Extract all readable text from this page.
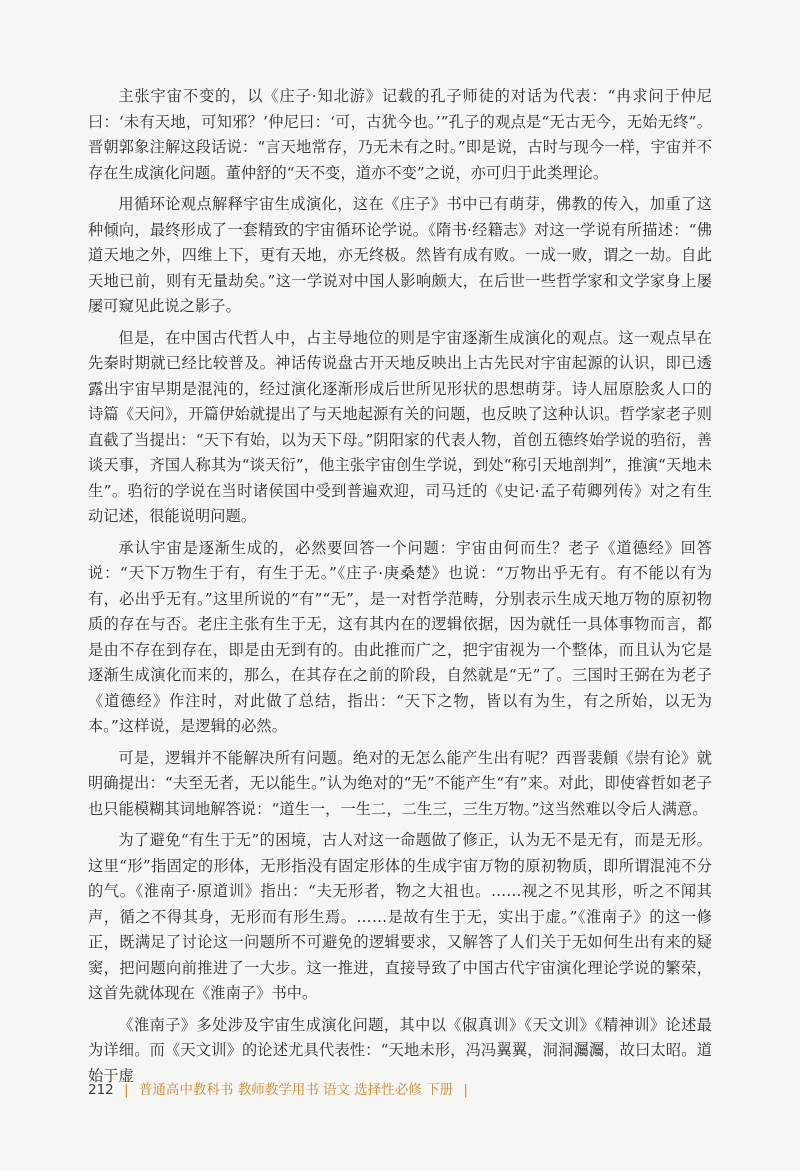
主张宇宙不变的，以《庄子·知北游》记载的孔子师徒的对话为代表：“冉求问于仲尼曰：‘未有天地，可知邪？’仲尼曰：‘可，古犹今也。’”孔子的观点是“无古无今，无始无终”。晋朝郭象注解这段话说：“言天地常存，乃无未有之时。”即是说，古时与现今一样，宇宙并不存在生成演化问题。董仲舒的“天不变，道亦不变”之说，亦可归于此类理论。

用循环论观点解释宇宙生成演化，这在《庄子》书中已有萌芽，佛教的传入，加重了这种倾向，最终形成了一套精致的宇宙循环论学说。《隋书·经籍志》对这一学说有所描述：“佛道天地之外，四维上下，更有天地，亦无终极。然皆有成有败。一成一败，谓之一劫。自此天地已前，则有无量劫矣。”这一学说对中国人影响颇大，在后世一些哲学家和文学家身上屡屡可窥见此说之影子。

但是，在中国古代哲人中，占主导地位的则是宇宙逐渐生成演化的观点。这一观点早在先秦时期就已经比较普及。神话传说盘古开天地反映出上古先民对宇宙起源的认识，即已透露出宇宙早期是混沌的，经过演化逐渐形成后世所见形状的思想萌芽。诗人屈原脍炙人口的诗篇《天问》，开篇伊始就提出了与天地起源有关的问题，也反映了这种认识。哲学家老子则直截了当提出：“天下有始，以为天下母。”阴阳家的代表人物，首创五德终始学说的驺衍，善谈天事，齐国人称其为“谈天衍”，他主张宇宙创生学说，到处“称引天地剖判”，推演“天地未生”。驺衍的学说在当时诸侯国中受到普遍欢迎，司马迁的《史记·孟子荀卿列传》对之有生动记述，很能说明问题。

承认宇宙是逐渐生成的，必然要回答一个问题：宇宙由何而生？老子《道德经》回答说：“天下万物生于有，有生于无。”《庄子·庚桑楚》也说：“万物出乎无有。有不能以有为有，必出乎无有。”这里所说的“有”“无”，是一对哲学范畴，分别表示生成天地万物的原初物质的存在与否。老庄主张有生于无，这有其内在的逻辑依据，因为就任一具体事物而言，都是由不存在到存在，即是由无到有的。由此推而广之，把宇宙视为一个整体，而且认为它是逐渐生成演化而来的，那么，在其存在之前的阶段，自然就是“无”了。三国时王弼在为老子《道德经》作注时，对此做了总结，指出：“天下之物，皆以有为生，有之所始，以无为本。”这样说，是逻辑的必然。

可是，逻辑并不能解决所有问题。绝对的无怎么能产生出有呢？西晋裴頠《崇有论》就明确提出：“夫至无者，无以能生。”认为绝对的“无”不能产生“有”来。对此，即使睿哲如老子也只能模糊其词地解答说：“道生一，一生二，二生三，三生万物。”这当然难以令后人满意。

为了避免“有生于无”的困境，古人对这一命题做了修正，认为无不是无有，而是无形。这里“形”指固定的形体，无形指没有固定形体的生成宇宙万物的原初物质，即所谓混沌不分的气。《淮南子·原道训》指出：“夫无形者，物之大祖也。……视之不见其形，听之不闻其声，循之不得其身，无形而有形生焉。……是故有生于无，实出于虚。”《淮南子》的这一修正，既满足了讨论这一问题所不可避免的逻辑要求，又解答了人们关于无如何生出有来的疑窦，把问题向前推进了一大步。这一推进，直接导致了中国古代宇宙演化理论学说的繁荣，这首先就体现在《淮南子》书中。

《淮南子》多处涉及宇宙生成演化问题，其中以《俶真训》《天文训》《精神训》论述最为详细。而《天文训》的论述尤具代表性：“天地未形，冯冯翼翼，洞洞灟灟，故曰太昭。道始于虚

212 | 普通高中教科书 教师教学用书 语文 选择性必修 下册 |
